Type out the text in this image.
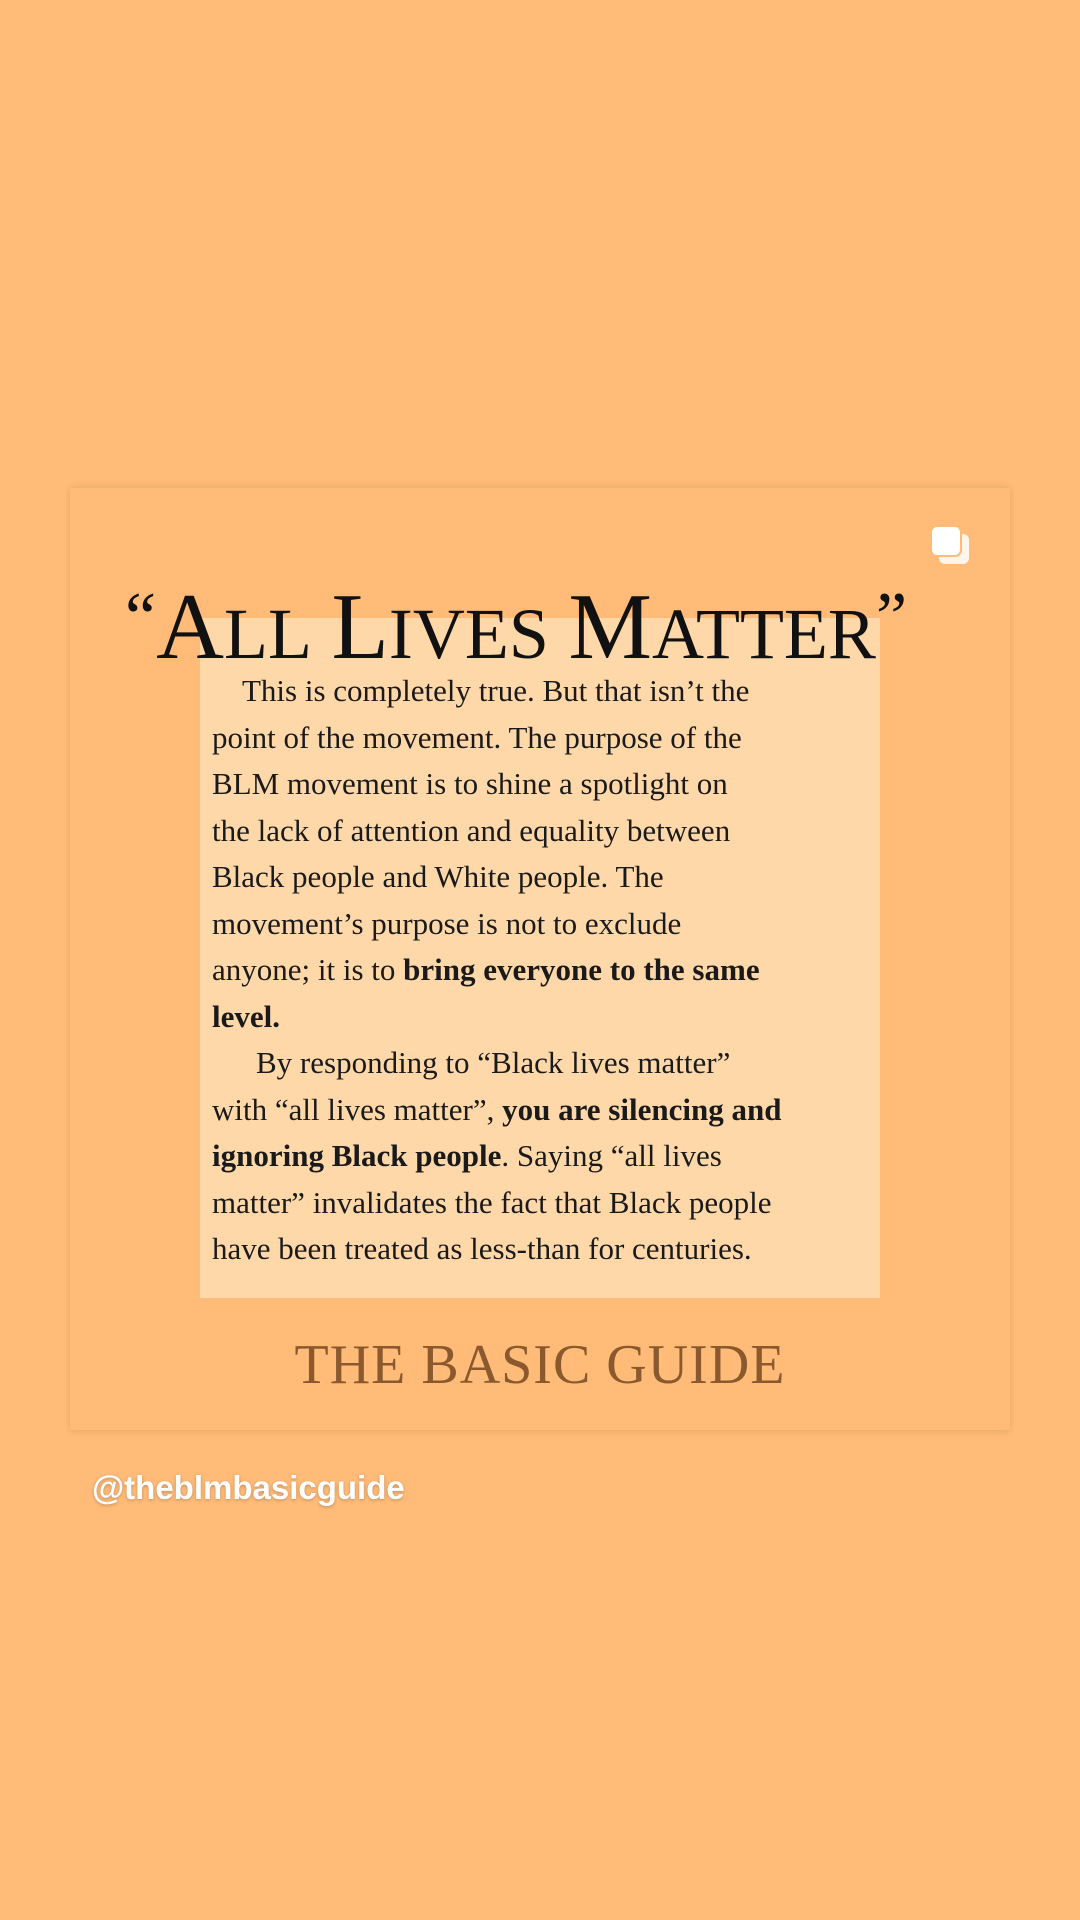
“ALL LIVES MATTER”

This is completely true. But that isn’t the
point of the movement. The purpose of the
BLM movement is to shine a spotlight on
the lack of attention and equality between
Black people and White people. The
movement’s purpose is not to exclude
anyone; it is to bring everyone to the same
level.
By responding to “Black lives matter”
with “all lives matter”, you are silencing and
ignoring Black people. Saying “all lives
matter” invalidates the fact that Black people
have been treated as less-than for centuries.

THE BASIC GUIDE

@theblmbasicguide
